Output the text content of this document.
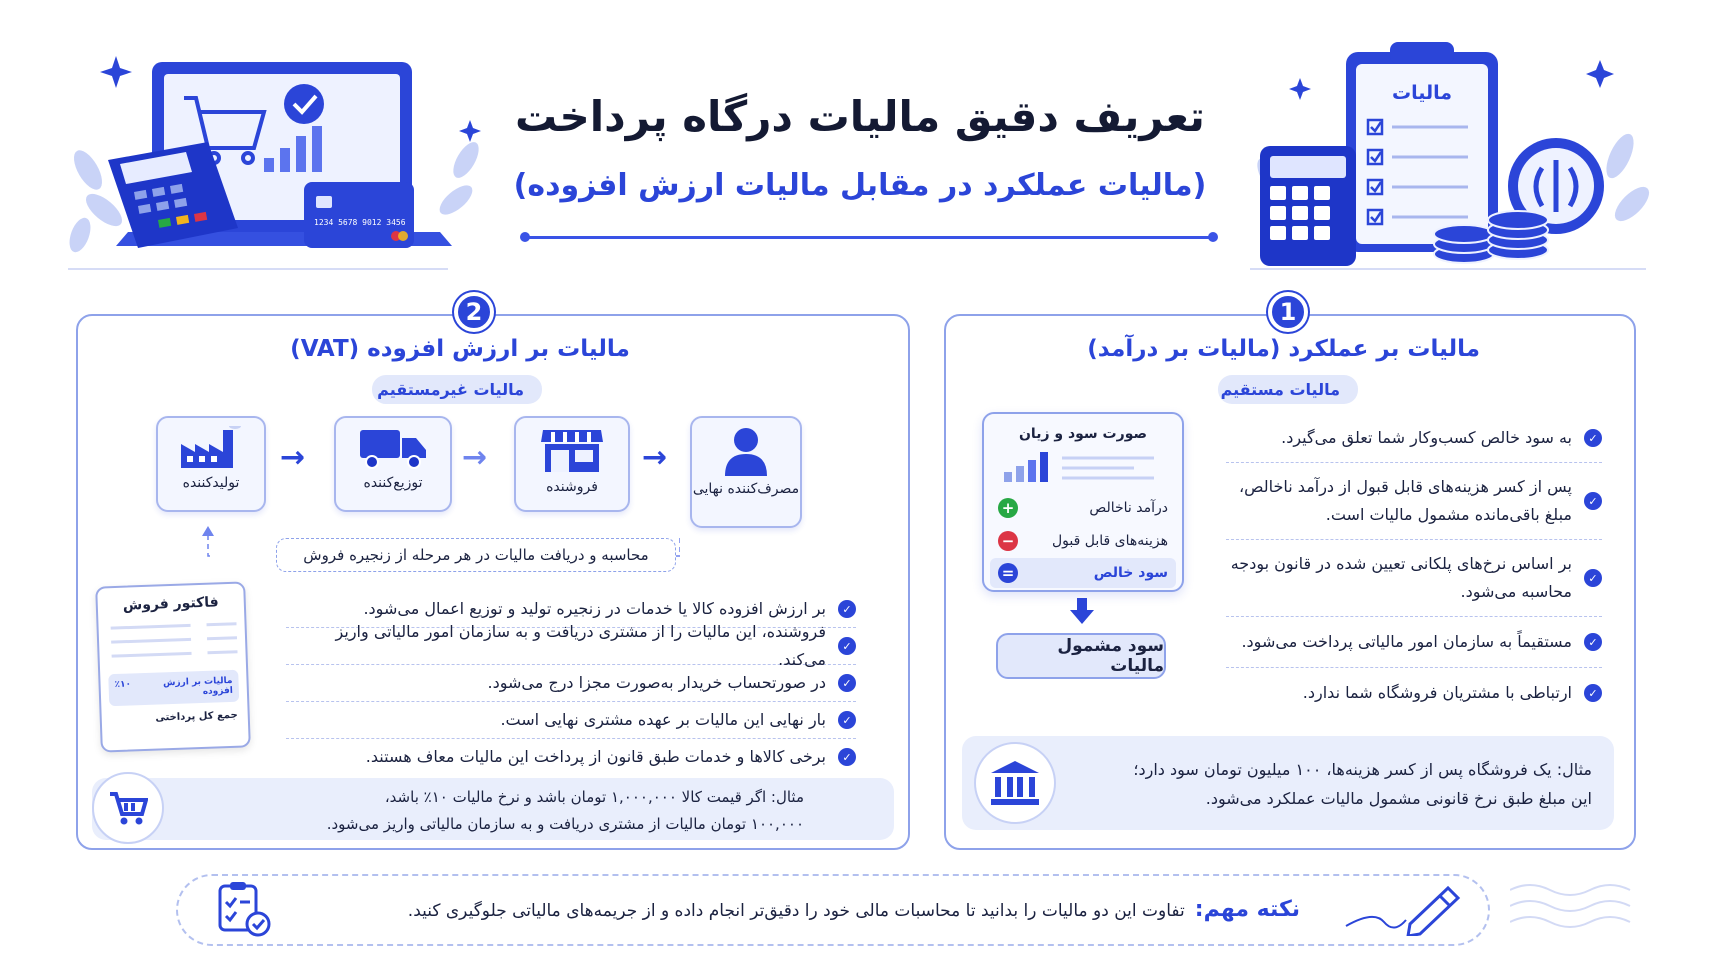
تعریف دقیق مالیات درگاه پرداخت
(مالیات عملکرد در مقابل مالیات ارزش افزوده)
1234 5678 9012 3456
مالیات
1
مالیات بر عملکرد (مالیات بر درآمد)
مالیات مستقیم
صورت سود و زیان
درآمد ناخالص
+
هزینه‌های قابل قبول
−
سود خالص
=
سود مشمول مالیات
✓
به سود خالص کسب‌وکار شما تعلق می‌گیرد.
✓
پس از کسر هزینه‌های قابل قبول از درآمد ناخالص، مبلغ باقی‌مانده مشمول مالیات است.
✓
بر اساس نرخ‌های پلکانی تعیین شده در قانون بودجه محاسبه می‌شود.
✓
مستقیماً به سازمان امور مالیاتی پرداخت می‌شود.
✓
ارتباطی با مشتریان فروشگاه شما ندارد.
مثال: یک فروشگاه پس از کسر هزینه‌ها، ۱۰۰ میلیون تومان سود دارد؛
این مبلغ طبق نرخ قانونی مشمول مالیات عملکرد می‌شود.
2
مالیات بر ارزش افزوده (VAT)
مالیات غیرمستقیم
تولیدکننده
→
توزیع‌کننده
→
فروشنده
→
مصرف‌کننده نهایی
محاسبه و دریافت مالیات در هر مرحله از زنجیره فروش
فاکتور فروش
مالیات بر ارزش افزوده
٪۱۰
جمع کل پرداختی
✓
بر ارزش افزوده کالا یا خدمات در زنجیره تولید و توزیع اعمال می‌شود.
✓
فروشنده، این مالیات را از مشتری دریافت و به سازمان امور مالیاتی واریز می‌کند.
✓
در صورتحساب خریدار به‌صورت مجزا درج می‌شود.
✓
بار نهایی این مالیات بر عهده مشتری نهایی است.
✓
برخی کالاها و خدمات طبق قانون از پرداخت این مالیات معاف هستند.
مثال: اگر قیمت کالا ۱,۰۰۰,۰۰۰ تومان باشد و نرخ مالیات ۱۰٪ باشد،
۱۰۰,۰۰۰ تومان مالیات از مشتری دریافت و به سازمان مالیاتی واریز می‌شود.
نکته مهم:
تفاوت این دو مالیات را بدانید تا محاسبات مالی خود را دقیق‌تر انجام داده و از جریمه‌های مالیاتی جلوگیری کنید.
